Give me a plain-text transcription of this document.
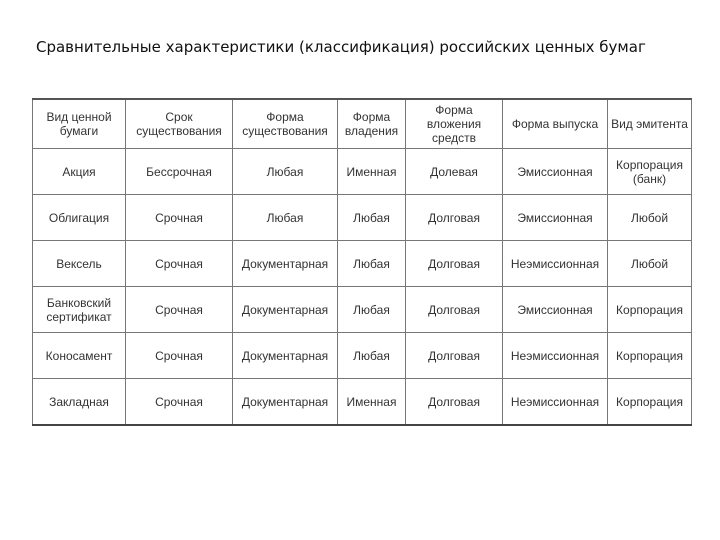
Сравнительные характеристики (классификация) российских ценных бумаг
Вид ценной бумаги	Срок существования	Форма существования	Форма владения	Форма вложения средств	Форма выпуска	Вид эмитента
Акция	Бессрочная	Любая	Именная	Долевая	Эмиссионная	Корпорация (банк)
Облигация	Срочная	Любая	Любая	Долговая	Эмиссионная	Любой
Вексель	Срочная	Документарная	Любая	Долговая	Неэмиссионная	Любой
Банковский сертификат	Срочная	Документарная	Любая	Долговая	Эмиссионная	Корпорация
Коносамент	Срочная	Документарная	Любая	Долговая	Неэмиссионная	Корпорация
Закладная	Срочная	Документарная	Именная	Долговая	Неэмиссионная	Корпорация
